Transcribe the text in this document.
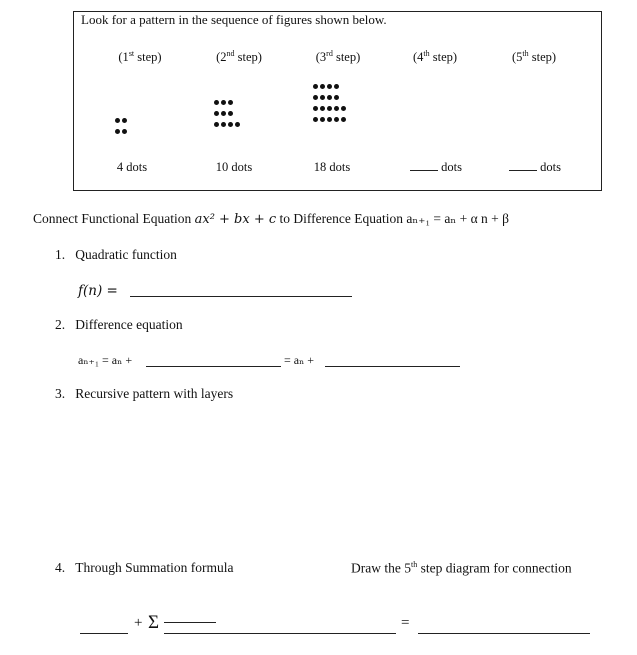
Look for a pattern in the sequence of figures shown below.
(1st step)	(2nd step)	(3rd step)	(4th step)	(5th step)
4 dots	10 dots	18 dots	dots	dots
Connect Functional Equation ax² + bx + c to Difference Equation aₙ₊₁ = aₙ + α n + β
1. Quadratic function
f(n) =
2. Difference equation
aₙ₊₁ = aₙ +	= aₙ +
3. Recursive pattern with layers
4. Through Summation formula	Draw the 5th step diagram for connection
+ Σ	=
